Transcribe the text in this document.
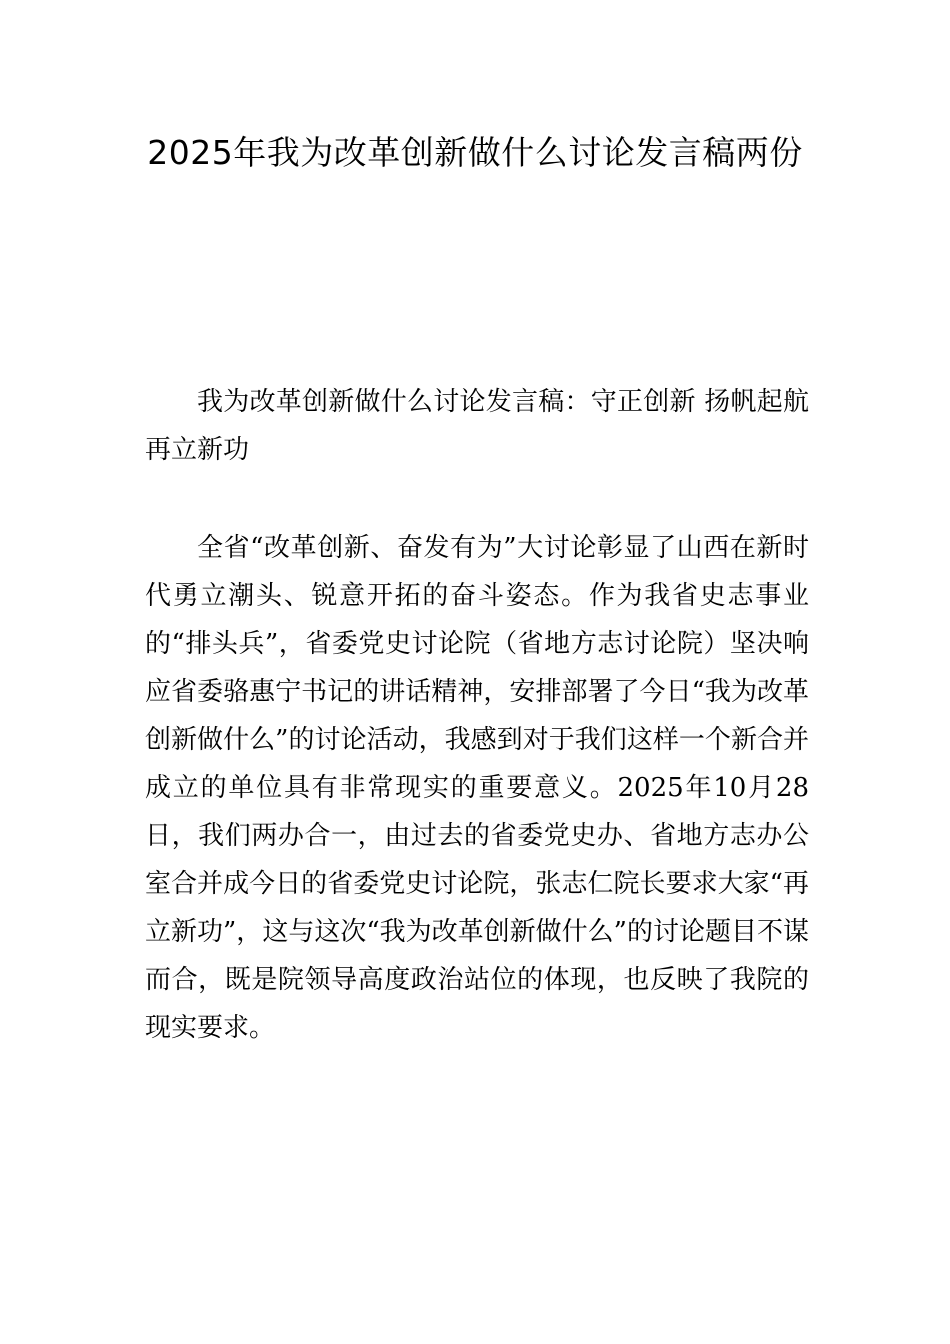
2025年我为改革创新做什么讨论发言稿两份

我为改革创新做什么讨论发言稿：守正创新 扬帆起航再立新功

全省“改革创新、奋发有为”大讨论彰显了山西在新时代勇立潮头、锐意开拓的奋斗姿态。作为我省史志事业的“排头兵”，省委党史讨论院（省地方志讨论院）坚决响应省委骆惠宁书记的讲话精神，安排部署了今日“我为改革创新做什么”的讨论活动，我感到对于我们这样一个新合并成立的单位具有非常现实的重要意义。2025年10月28日，我们两办合一，由过去的省委党史办、省地方志办公室合并成今日的省委党史讨论院，张志仁院长要求大家“再立新功”，这与这次“我为改革创新做什么”的讨论题目不谋而合，既是院领导高度政治站位的体现，也反映了我院的现实要求。
